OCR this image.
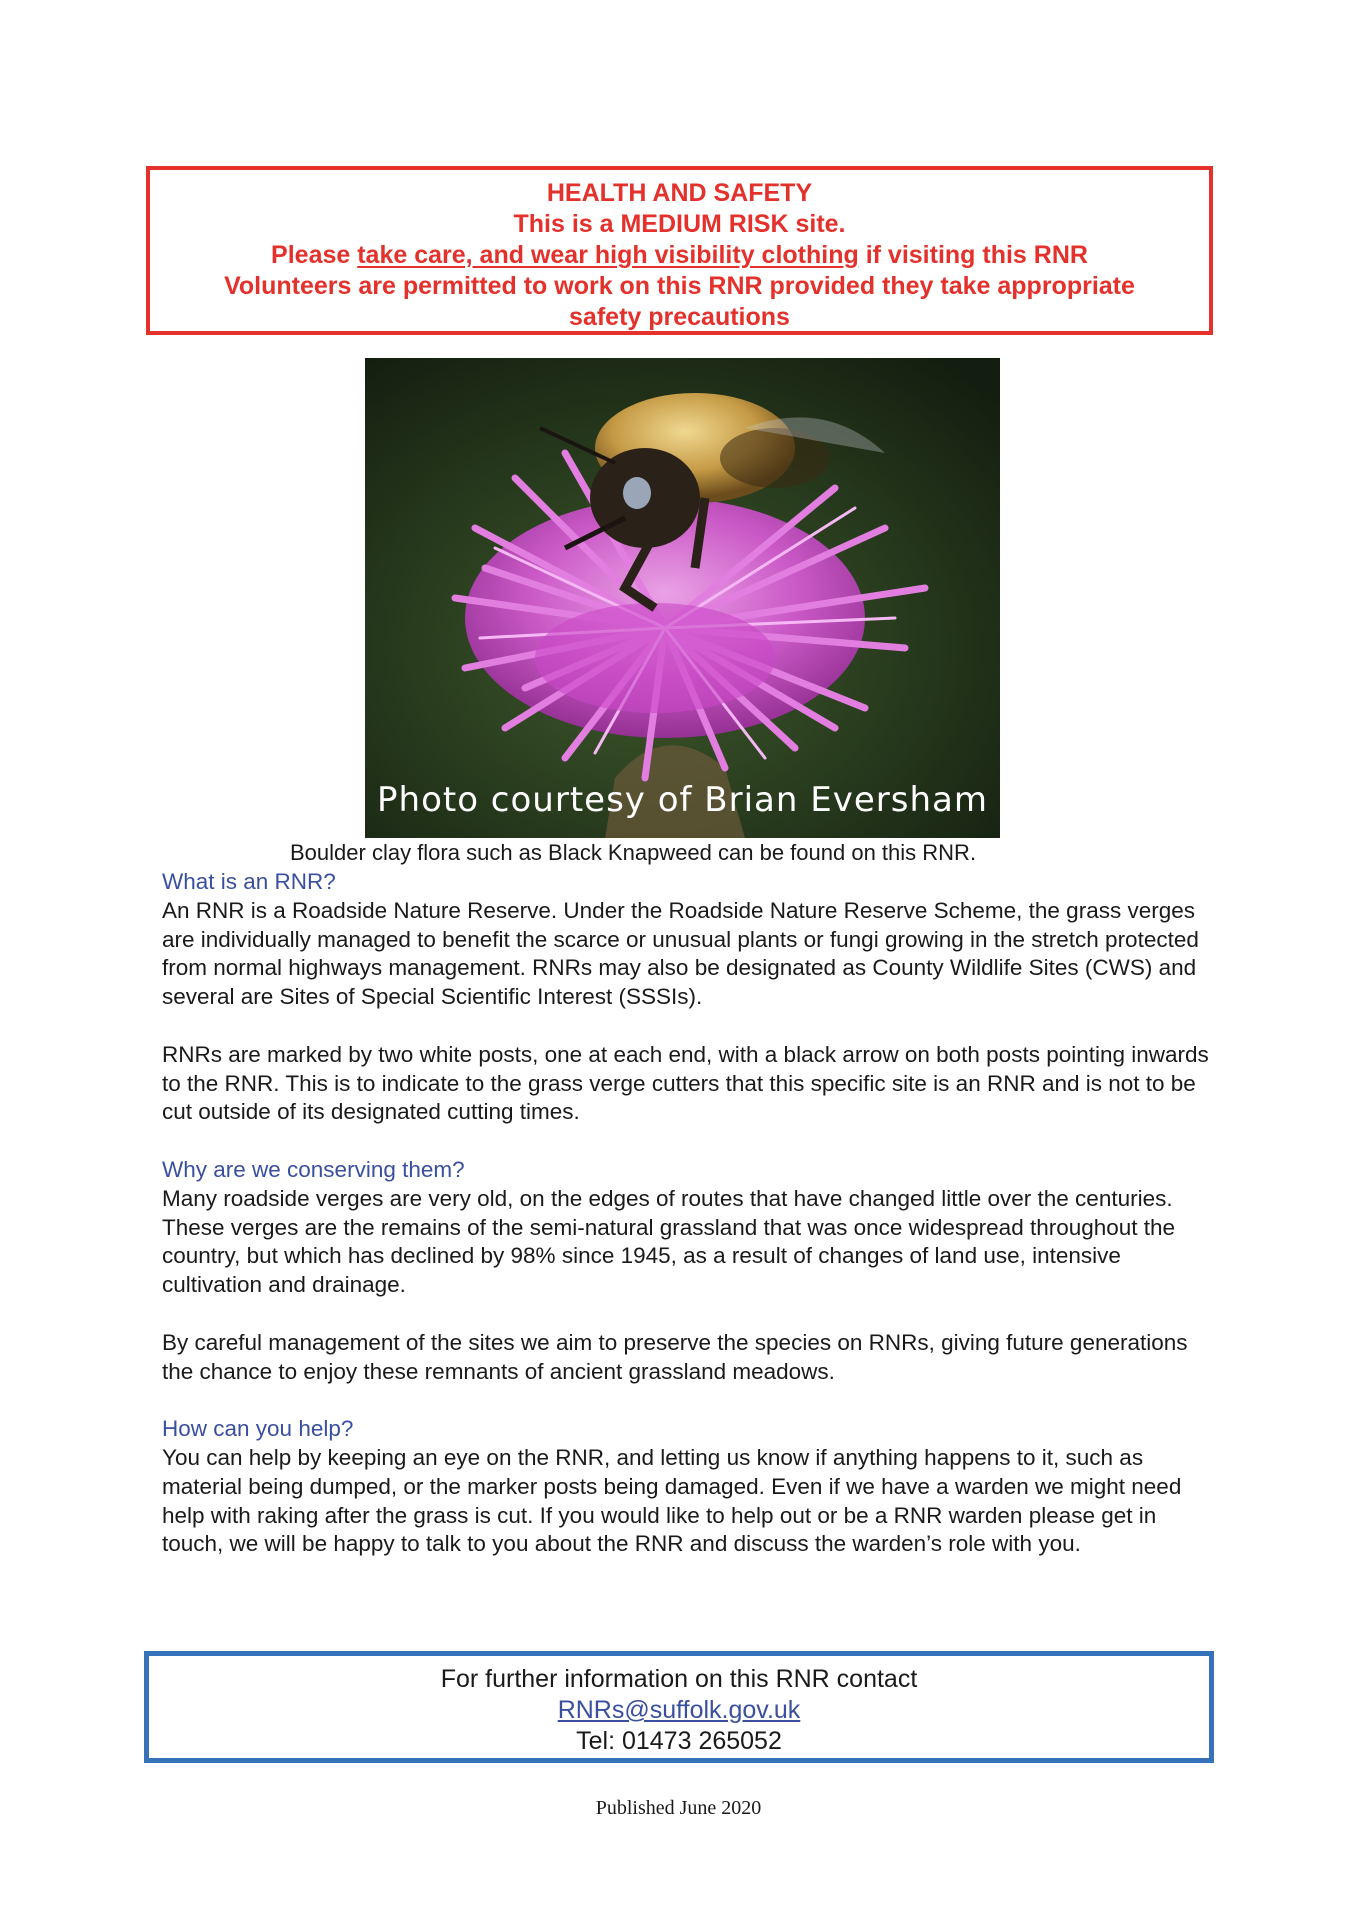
HEALTH AND SAFETY
This is a MEDIUM RISK site.
Please take care, and wear high visibility clothing if visiting this RNR
Volunteers are permitted to work on this RNR provided they take appropriate
safety precautions
Photo courtesy of Brian Eversham
Boulder clay flora such as Black Knapweed can be found on this RNR.
What is an RNR?

An RNR is a Roadside Nature Reserve. Under the Roadside Nature Reserve Scheme, the grass verges are individually managed to benefit the scarce or unusual plants or fungi growing in the stretch protected from normal highways management. RNRs may also be designated as County Wildlife Sites (CWS) and several are Sites of Special Scientific Interest (SSSIs).

RNRs are marked by two white posts, one at each end, with a black arrow on both posts pointing inwards to the RNR. This is to indicate to the grass verge cutters that this specific site is an RNR and is not to be cut outside of its designated cutting times.

Why are we conserving them?

Many roadside verges are very old, on the edges of routes that have changed little over the centuries. These verges are the remains of the semi-natural grassland that was once widespread throughout the country, but which has declined by 98% since 1945, as a result of changes of land use, intensive cultivation and drainage.

By careful management of the sites we aim to preserve the species on RNRs, giving future generations the chance to enjoy these remnants of ancient grassland meadows.

How can you help?

You can help by keeping an eye on the RNR, and letting us know if anything happens to it, such as material being dumped, or the marker posts being damaged. Even if we have a warden we might need help with raking after the grass is cut. If you would like to help out or be a RNR warden please get in touch, we will be happy to talk to you about the RNR and discuss the warden’s role with you.

For further information on this RNR contact
RNRs@suffolk.gov.uk
Tel: 01473 265052
Published June 2020
